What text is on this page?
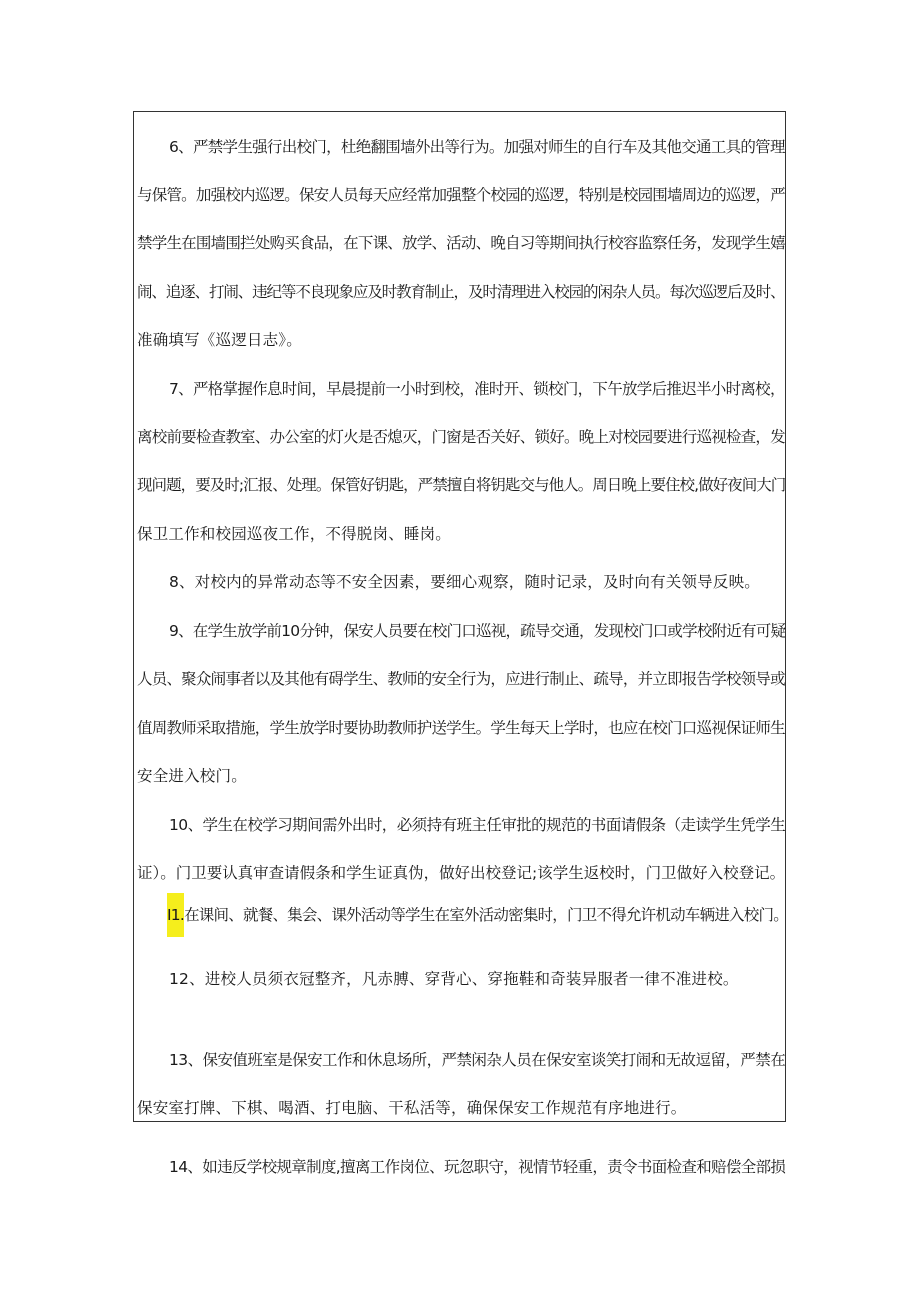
6、严禁学生强行出校门，杜绝翻围墙外出等行为。加强对师生的自行车及其他交通工具的管理
与保管。加强校内巡逻。保安人员每天应经常加强整个校园的巡逻，特别是校园围墙周边的巡逻，严
禁学生在围墙围拦处购买食品，在下课、放学、活动、晚自习等期间执行校容监察任务，发现学生嬉
闹、追逐、打闹、违纪等不良现象应及时教育制止，及时清理进入校园的闲杂人员。每次巡逻后及时、
准确填写《巡逻日志》。
7、严格掌握作息时间，早晨提前一小时到校，准时开、锁校门，下午放学后推迟半小时离校，
离校前要检查教室、办公室的灯火是否熄灭，门窗是否关好、锁好。晚上对校园要进行巡视检查，发
现问题，要及时;汇报、处理。保管好钥匙，严禁擅自将钥匙交与他人。周日晚上要住校,做好夜间大门
保卫工作和校园巡夜工作，不得脱岗、睡岗。
8、对校内的异常动态等不安全因素，要细心观察，随时记录，及时向有关领导反映。
9、在学生放学前10分钟，保安人员要在校门口巡视，疏导交通，发现校门口或学校附近有可疑
人员、聚众闹事者以及其他有碍学生、教师的安全行为，应进行制止、疏导，并立即报告学校领导或
值周教师采取措施，学生放学时要协助教师护送学生。学生每天上学时，也应在校门口巡视保证师生
安全进入校门。
10、学生在校学习期间需外出时，必须持有班主任审批的规范的书面请假条（走读学生凭学生
证）。门卫要认真审查请假条和学生证真伪，做好出校登记;该学生返校时，门卫做好入校登记。
I1.在课间、就餐、集会、课外活动等学生在室外活动密集时，门卫不得允许机动车辆进入校门。
12、进校人员须衣冠整齐，凡赤膊、穿背心、穿拖鞋和奇装异服者一律不准进校。
13、保安值班室是保安工作和休息场所，严禁闲杂人员在保安室谈笑打闹和无故逗留，严禁在
保安室打牌、下棋、喝酒、打电脑、干私活等，确保保安工作规范有序地进行。
14、如违反学校规章制度,擅离工作岗位、玩忽职守，视情节轻重，责令书面检查和赔偿全部损
